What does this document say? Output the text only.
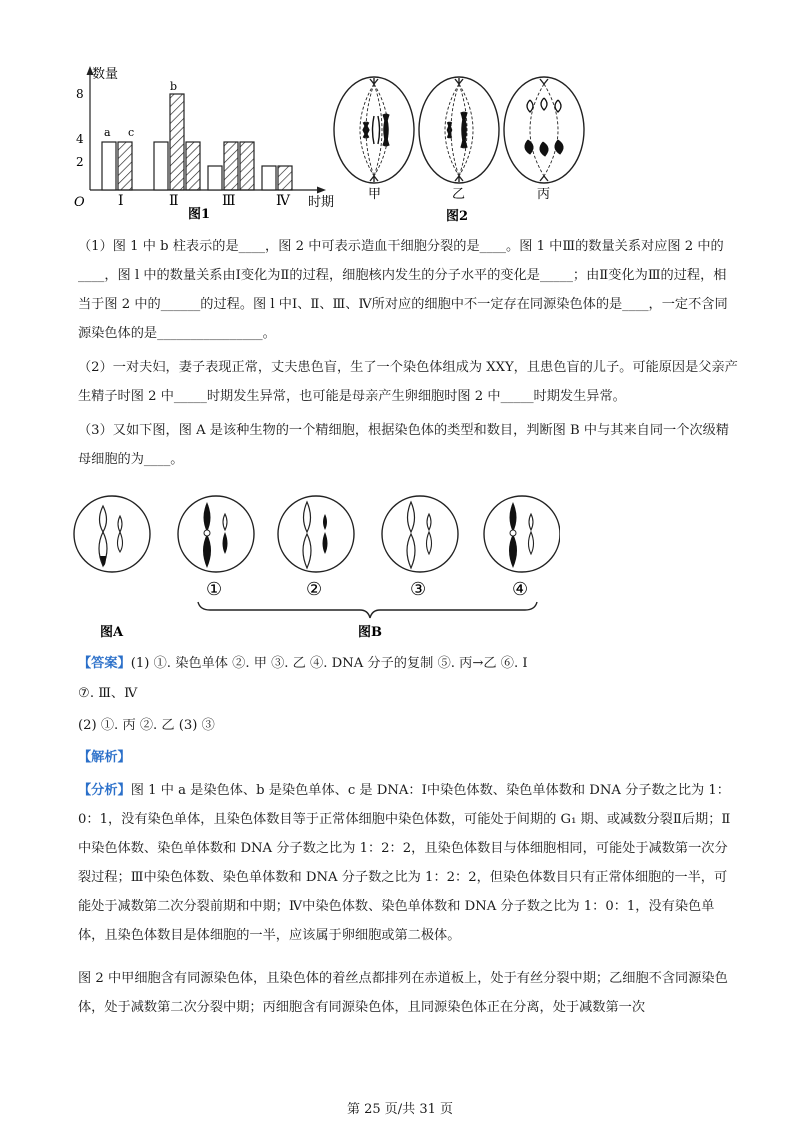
数量
时期
O
8
4
2
a c
b
Ⅰ	Ⅱ	Ⅲ	Ⅳ
图1
甲	乙	丙
图2

（1）图 1 中 b 柱表示的是____，图 2 中可表示造血干细胞分裂的是____。图 1 中Ⅲ的数量关系对应图 2 中的____，图 l 中的数量关系由Ⅰ变化为Ⅱ的过程，细胞核内发生的分子水平的变化是_____；由Ⅱ变化为Ⅲ的过程，相当于图 2 中的______的过程。图 l 中Ⅰ、Ⅱ、Ⅲ、Ⅳ所对应的细胞中不一定存在同源染色体的是____，一定不含同源染色体的是________________。

（2）一对夫妇，妻子表现正常，丈夫患色盲，生了一个染色体组成为 XXY，且患色盲的儿子。可能原因是父亲产生精子时图 2 中_____时期发生异常，也可能是母亲产生卵细胞时图 2 中_____时期发生异常。

（3）又如下图，图 A 是该种生物的一个精细胞，根据染色体的类型和数目，判断图 B 中与其来自同一个次级精母细胞的为____。

①	②	③	④
图A	图B
【答案】(1) ①. 染色单体 ②. 甲 ③. 乙 ④. DNA 分子的复制 ⑤. 丙→乙 ⑥. Ⅰ
⑦. Ⅲ、Ⅳ
(2) ①. 丙 ②. 乙 (3) ③
【解析】

【分析】图 1 中 a 是染色体、b 是染色单体、c 是 DNA：Ⅰ中染色体数、染色单体数和 DNA 分子数之比为 1：0：1，没有染色单体，且染色体数目等于正常体细胞中染色体数，可能处于间期的 G₁ 期、或减数分裂Ⅱ后期；Ⅱ中染色体数、染色单体数和 DNA 分子数之比为 1：2：2，且染色体数目与体细胞相同，可能处于减数第一次分裂过程；Ⅲ中染色体数、染色单体数和 DNA 分子数之比为 1：2：2，但染色体数目只有正常体细胞的一半，可能处于减数第二次分裂前期和中期；Ⅳ中染色体数、染色单体数和 DNA 分子数之比为 1：0：1，没有染色单体，且染色体数目是体细胞的一半，应该属于卵细胞或第二极体。

图 2 中甲细胞含有同源染色体，且染色体的着丝点都排列在赤道板上，处于有丝分裂中期；乙细胞不含同源染色体，处于减数第二次分裂中期；丙细胞含有同源染色体，且同源染色体正在分离，处于减数第一次

第 25 页/共 31 页
